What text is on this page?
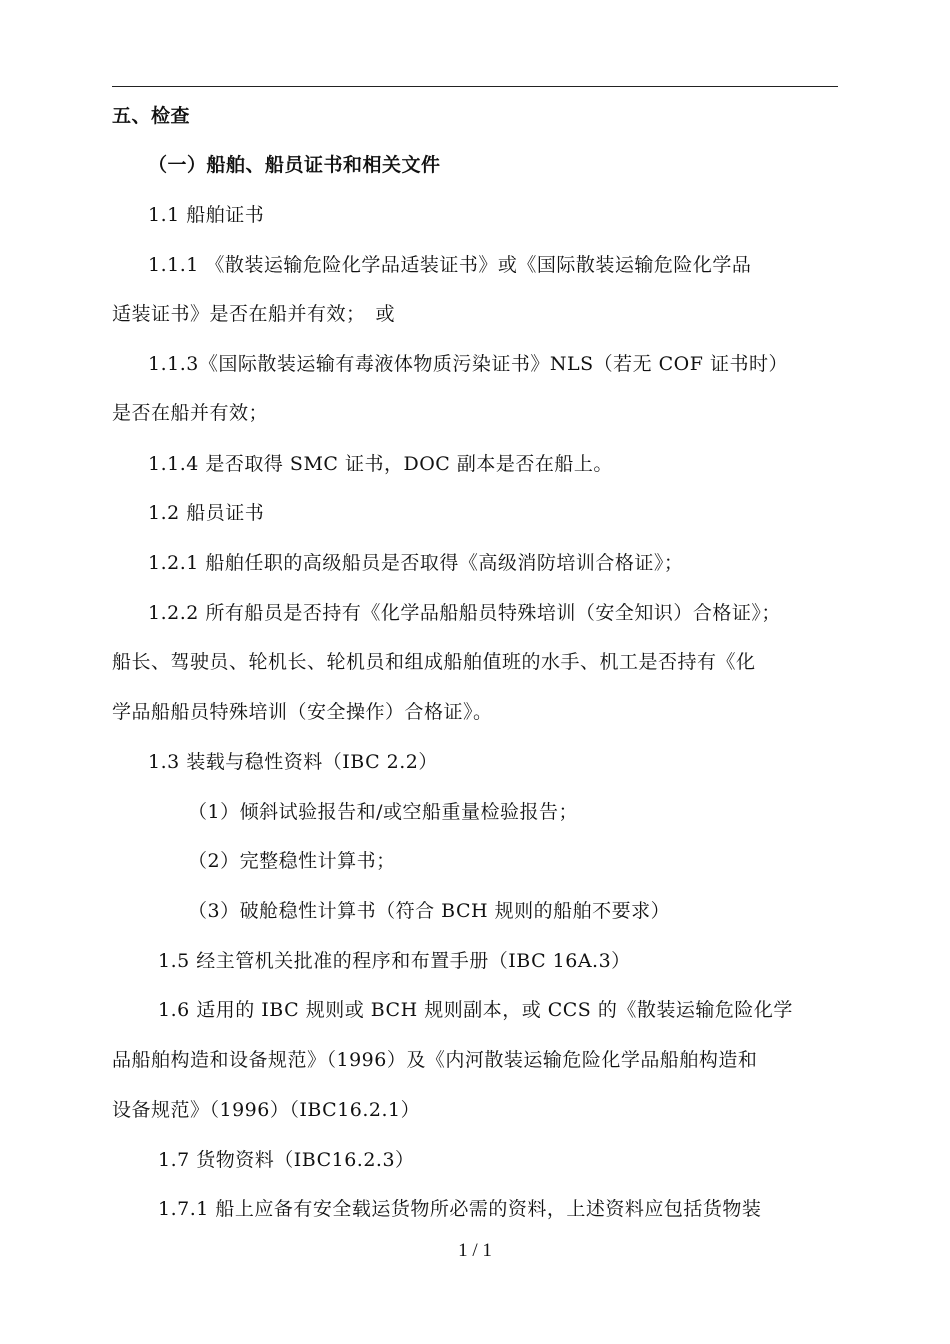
五、检查
（一）船舶、船员证书和相关文件
1.1 船舶证书
1.1.1 《散装运输危险化学品适装证书》或《国际散装运输危险化学品
适装证书》是否在船并有效；　或
1.1.3《国际散装运输有毒液体物质污染证书》NLS（若无 COF 证书时）
是否在船并有效；
1.1.4 是否取得 SMC 证书，DOC 副本是否在船上。
1.2 船员证书
1.2.1 船舶任职的高级船员是否取得《高级消防培训合格证》；
1.2.2 所有船员是否持有《化学品船船员特殊培训（安全知识）合格证》；
船长、驾驶员、轮机长、轮机员和组成船舶值班的水手、机工是否持有《化
学品船船员特殊培训（安全操作）合格证》。
1.3 装载与稳性资料（IBC 2.2）
（1）倾斜试验报告和/或空船重量检验报告；
（2）完整稳性计算书；
（3）破舱稳性计算书（符合 BCH 规则的船舶不要求）
1.5 经主管机关批准的程序和布置手册（IBC 16A.3）
1.6 适用的 IBC 规则或 BCH 规则副本，或 CCS 的《散装运输危险化学
品船舶构造和设备规范》（1996）及《内河散装运输危险化学品船舶构造和
设备规范》（1996）（IBC16.2.1）
1.7 货物资料（IBC16.2.3）
1.7.1 船上应备有安全载运货物所必需的资料，上述资料应包括货物装
1 / 1
